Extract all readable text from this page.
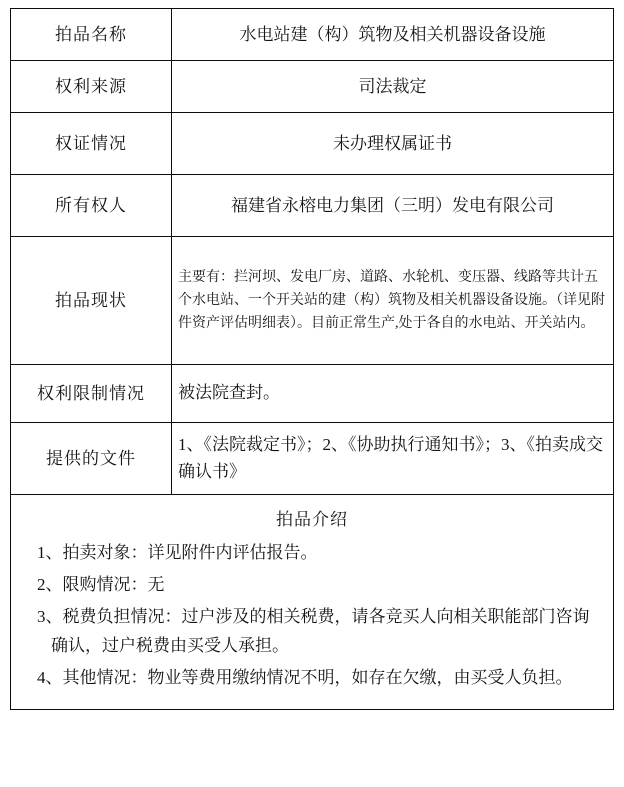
拍品名称	水电站建（构）筑物及相关机器设备设施
权利来源	司法裁定
权证情况	未办理权属证书
所有权人	福建省永榕电力集团（三明）发电有限公司
拍品现状	主要有：拦河坝、发电厂房、道路、水轮机、变压器、线路等共计五个水电站、一个开关站的建（构）筑物及相关机器设备设施。（详见附件资产评估明细表）。目前正常生产,处于各自的水电站、开关站内。
权利限制情况	被法院查封。
提供的文件	1、《法院裁定书》；2、《协助执行通知书》；3、《拍卖成交确认书》
拍品介绍

1、拍卖对象：详见附件内评估报告。

2、限购情况：无

3、税费负担情况：过户涉及的相关税费，请各竞买人向相关职能部门咨询确认，过户税费由买受人承担。

4、其他情况：物业等费用缴纳情况不明，如存在欠缴，由买受人负担。
